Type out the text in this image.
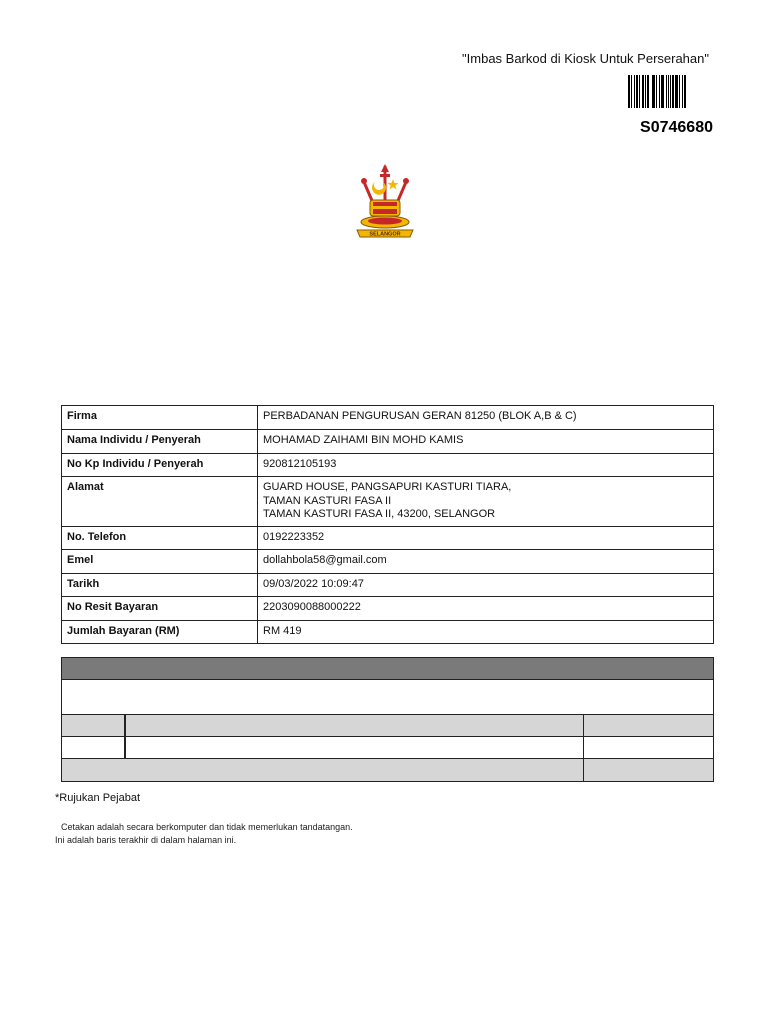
"Imbas Barkod di Kiosk Untuk Perserahan"
S0746680
SELANGOR
Firma	PERBADANAN PENGURUSAN GERAN 81250 (BLOK A,B & C)
Nama Individu / Penyerah	MOHAMAD ZAIHAMI BIN MOHD KAMIS
No Kp Individu / Penyerah	920812105193
Alamat	GUARD HOUSE, PANGSAPURI KASTURI TIARA,
TAMAN KASTURI FASA II
TAMAN KASTURI FASA II, 43200, SELANGOR

No. Telefon	0192223352
Emel	dollahbola58@gmail.com
Tarikh	09/03/2022 10:09:47
No Resit Bayaran	2203090088000222
Jumlah Bayaran (RM)	RM 419
*Rujukan Pejabat
Cetakan adalah secara berkomputer dan tidak memerlukan tandatangan.
Ini adalah baris terakhir di dalam halaman ini.
